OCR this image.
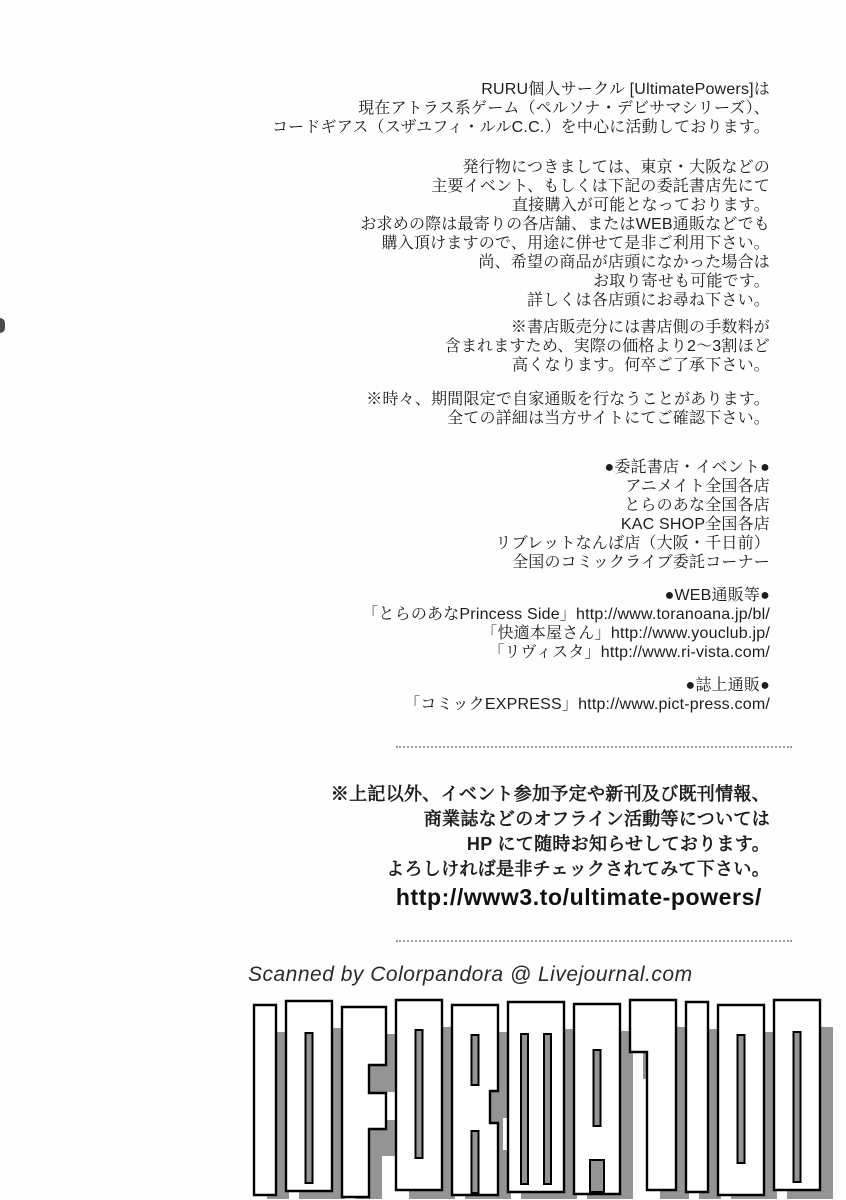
RURU個人サークル [UltimatePowers]は
現在アトラス系ゲーム（ペルソナ・デビサマシリーズ）、
コードギアス（スザユフィ・ルルC.C.）を中心に活動しております。
発行物につきましては、東京・大阪などの
主要イベント、もしくは下記の委託書店先にて
直接購入が可能となっております。
お求めの際は最寄りの各店舗、またはWEB通販などでも
購入頂けますので、用途に併せて是非ご利用下さい。
尚、希望の商品が店頭になかった場合は
お取り寄せも可能です。
詳しくは各店頭にお尋ね下さい。
※書店販売分には書店側の手数料が
含まれますため、実際の価格より2～3割ほど
高くなります。何卒ご了承下さい。
※時々、期間限定で自家通販を行なうことがあります。
全ての詳細は当方サイトにてご確認下さい。
●委託書店・イベント●
アニメイト全国各店
とらのあな全国各店
KAC SHOP全国各店
リブレットなんば店（大阪・千日前）
全国のコミックライブ委託コーナー
●WEB通販等●
「とらのあなPrincess Side」http://www.toranoana.jp/bl/
「快適本屋さん」http://www.youclub.jp/
「リヴィスタ」http://www.ri-vista.com/
●誌上通販●
「コミックEXPRESS」http://www.pict-press.com/
※上記以外、イベント参加予定や新刊及び既刊情報、
商業誌などのオフライン活動等については
HP にて随時お知らせしております。
よろしければ是非チェックされてみて下さい。
http://www3.to/ultimate-powers/
Scanned by Colorpandora @ Livejournal.com
